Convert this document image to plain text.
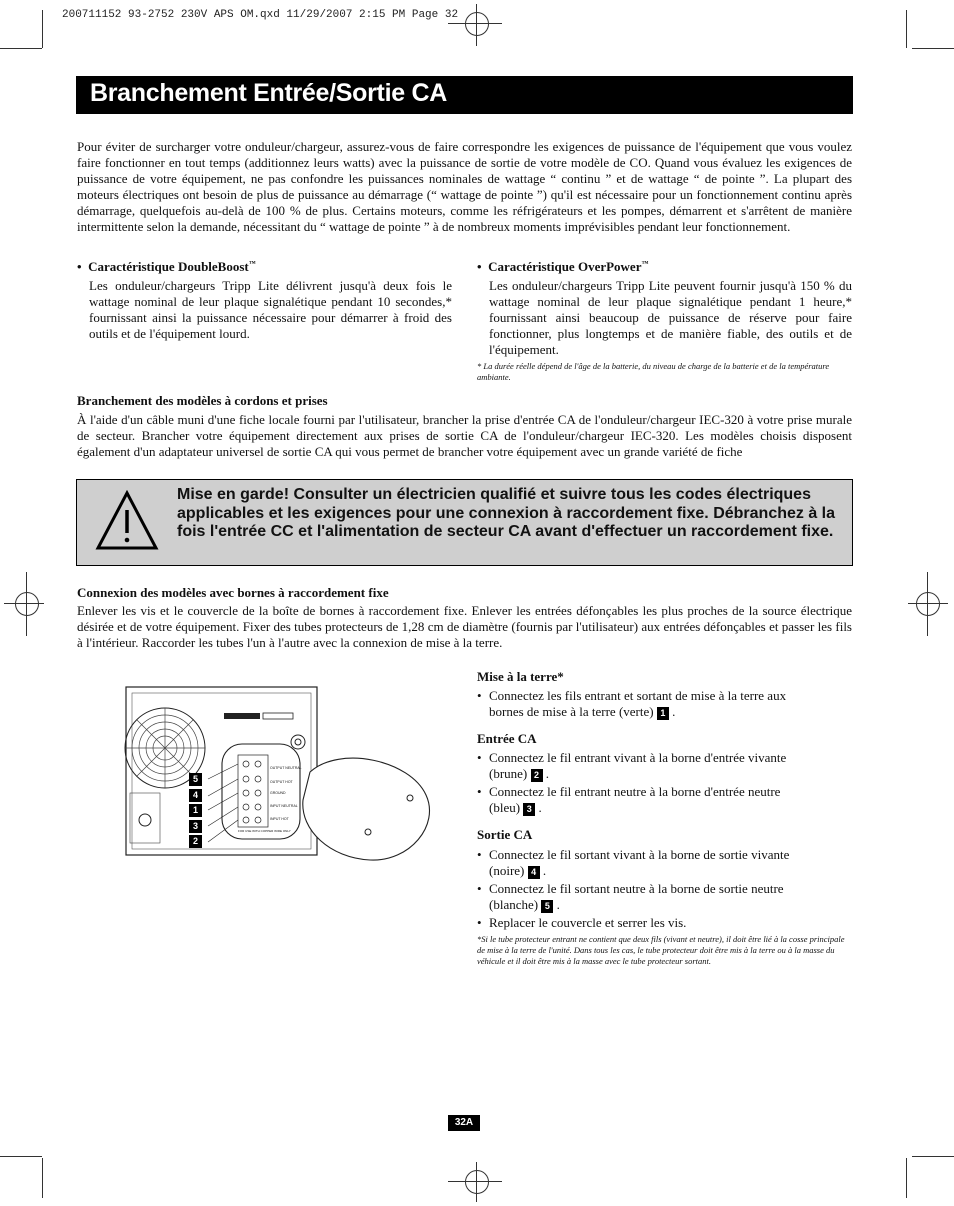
200711152 93-2752 230V APS OM.qxd 11/29/2007 2:15 PM Page 32
Branchement Entrée/Sortie CA
Pour éviter de surcharger votre onduleur/chargeur, assurez-vous de faire correspondre les exigences de puissance de l'équipement que vous voulez faire fonctionner en tout temps (additionnez leurs watts) avec la puissance de sortie de votre modèle de CO. Quand vous évaluez les exigences de puissance de votre équipement, ne pas confondre les puissances nominales de wattage “ continu ” et de wattage “ de pointe ”. La plupart des moteurs électriques ont besoin de plus de puissance au démarrage (“ wattage de pointe ”) qu'il est nécessaire pour un fonctionnement continu après démarrage, quelquefois au-delà de 100 % de plus. Certains moteurs, comme les réfrigérateurs et les pompes, démarrent et s'arrêtent de manière intermittente selon la demande, nécessitant du “ wattage de pointe ” à de nombreux moments imprévisibles pendant leur fonctionnement.
• Caractéristique DoubleBoost™
Les onduleur/chargeurs Tripp Lite délivrent jusqu'à deux fois le wattage nominal de leur plaque signalétique pendant 10 secondes,* fournissant ainsi la puissance nécessaire pour démarrer à froid des outils et de l'équipement lourd.
• Caractéristique OverPower™
Les onduleur/chargeurs Tripp Lite peuvent fournir jusqu'à 150 % du wattage nominal de leur plaque signalétique pendant 1 heure,* fournissant ainsi beaucoup de puissance de réserve pour faire fonctionner, plus longtemps et de manière fiable, des outils et de l'équipement.
* La durée réelle dépend de l'âge de la batterie, du niveau de charge de la batterie et de la température ambiante.
Branchement des modèles à cordons et prises
À l'aide d'un câble muni d'une fiche locale fourni par l'utilisateur, brancher la prise d'entrée CA de l'onduleur/chargeur IEC-320 à votre prise murale de secteur. Brancher votre équipement directement aux prises de sortie CA de l'onduleur/chargeur IEC-320. Les modèles choisis disposent également d'un adaptateur universel de sortie CA qui vous permet de brancher votre équipement avec un grande variété de fiche
Mise en garde! Consulter un électricien qualifié et suivre tous les codes électriques applicables et les exigences pour une connexion à raccordement fixe. Débranchez à la fois l'entrée CC et l'alimentation de secteur CA avant d'effectuer un raccordement fixe.
Connexion des modèles avec bornes à raccordement fixe
Enlever les vis et le couvercle de la boîte de bornes à raccordement fixe. Enlever les entrées défonçables les plus proches de la source électrique désirée et de votre équipement. Fixer des tubes protecteurs de 1,28 cm de diamètre (fournis par l'utilisateur) aux entrées défonçables et passer les fils à l'intérieur. Raccorder les tubes l'un à l'autre avec la connexion de mise à la terre.
OUTPUT NEUTRAL
OUTPUT HOT
GROUND
INPUT NEUTRAL
INPUT HOT
FOR USE WITH COPPER WIRE ONLY
5
4
1
3
2
Mise à la terre*
• Connectez les fils entrant et sortant de mise à la terre aux
bornes de mise à la terre (verte) 1 .
Entrée CA
• Connectez le fil entrant vivant à la borne d'entrée vivante
(brune) 2 .
• Connectez le fil entrant neutre à la borne d'entrée neutre
(bleu) 3 .
Sortie CA
• Connectez le fil sortant vivant à la borne de sortie vivante
(noire) 4 .
• Connectez le fil sortant neutre à la borne de sortie neutre
(blanche) 5 .
• Replacer le couvercle et serrer les vis.
*Si le tube protecteur entrant ne contient que deux fils (vivant et neutre), il doit être lié à la cosse principale de mise à la terre de l'unité. Dans tous les cas, le tube protecteur doit être mis à la terre ou à la masse du véhicule et il doit être mis à la masse avec le tube protecteur sortant.
32A
